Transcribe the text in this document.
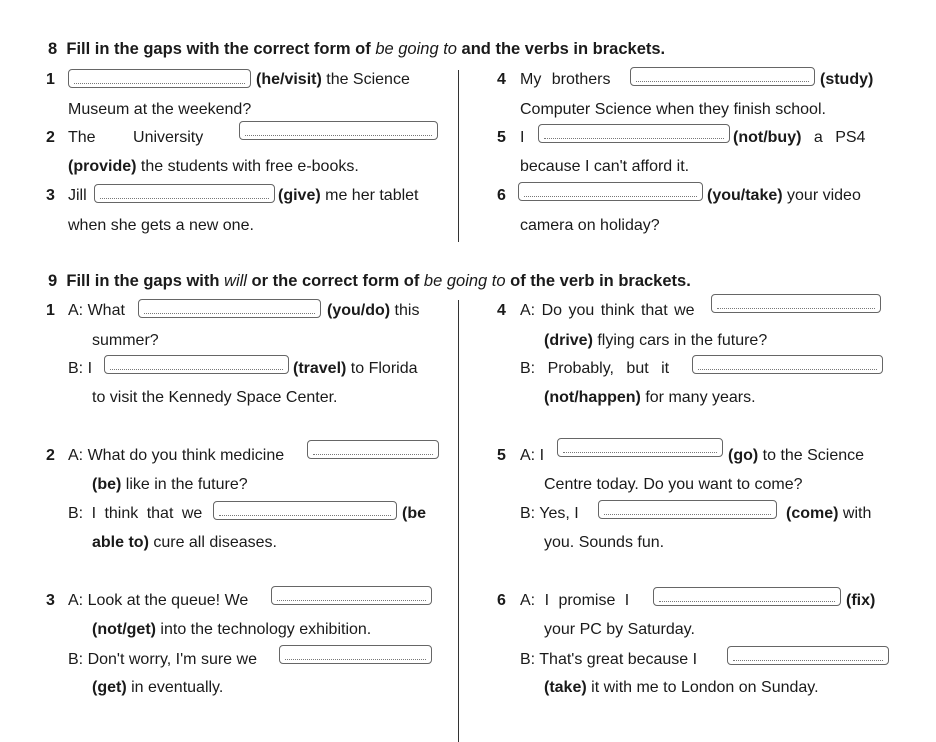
8 Fill in the gaps with the correct form of be going to and the verbs in brackets.
1	(he/visit) the Science
Museum at the weekend?
2 The University
(provide) the students with free e-books.
3 Jill	(give) me her tablet
when she gets a new one.
4 My brothers	(study)
Computer Science when they finish school.
5 I	(not/buy) a PS4
because I can't afford it.
6	(you/take) your video
camera on holiday?
9 Fill in the gaps with will or the correct form of be going to of the verb in brackets.
1 A: What	(you/do) this
summer?
B: I	(travel) to Florida
to visit the Kennedy Space Center.
2 A: What do you think medicine
(be) like in the future?
B: I think that we	(be
able to) cure all diseases.
3 A: Look at the queue! We
(not/get) into the technology exhibition.
B: Don't worry, I'm sure we
(get) in eventually.
4 A: Do you think that we
(drive) flying cars in the future?
B: Probably, but it
(not/happen) for many years.
5 A: I	(go) to the Science
Centre today. Do you want to come?
B: Yes, I	(come) with
you. Sounds fun.
6 A: I promise I	(fix)
your PC by Saturday.
B: That's great because I
(take) it with me to London on Sunday.
